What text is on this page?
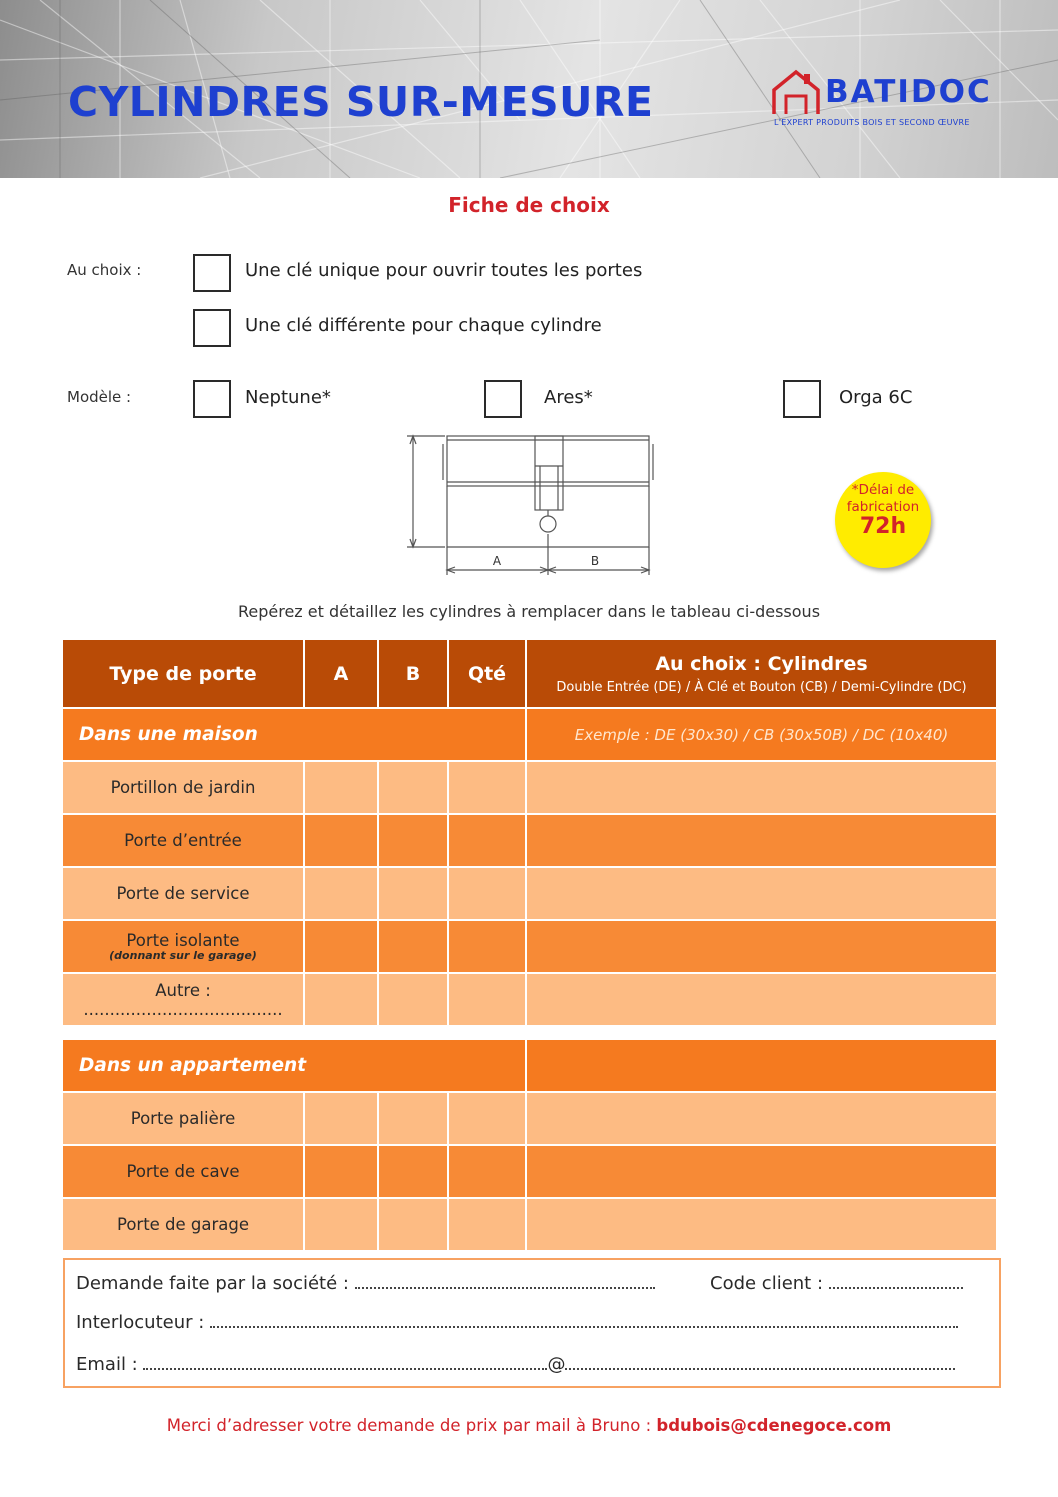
CYLINDRES SUR-MESURE	BATIDOC
L'EXPERT PRODUITS BOIS ET SECOND ŒUVRE
Fiche de choix
Au choix :	Une clé unique pour ouvrir toutes les portes
Une clé différente pour chaque cylindre
Modèle :	Neptune*	Ares*	Orga 6C
A	B
*Délai de
fabrication
72h
Repérez et détaillez les cylindres à remplacer dans le tableau ci-dessous
Type de porte	A	B	Qté	Au choix : Cylindres
Double Entrée (DE) / À Clé et Bouton (CB) / Demi-Cylindre (DC)
Dans une maison	Exemple : DE (30x30) / CB (30x50B) / DC (10x40)
Portillon de jardin
Porte d’entrée
Porte de service
Porte isolante
(donnant sur le garage)
Autre : ......................................
Dans un appartement
Porte palière
Porte de cave
Porte de garage
Demande faite par la société :	Code client :
Interlocuteur :
Email :	@
Merci d’adresser votre demande de prix par mail à Bruno : bdubois@cdenegoce.com
